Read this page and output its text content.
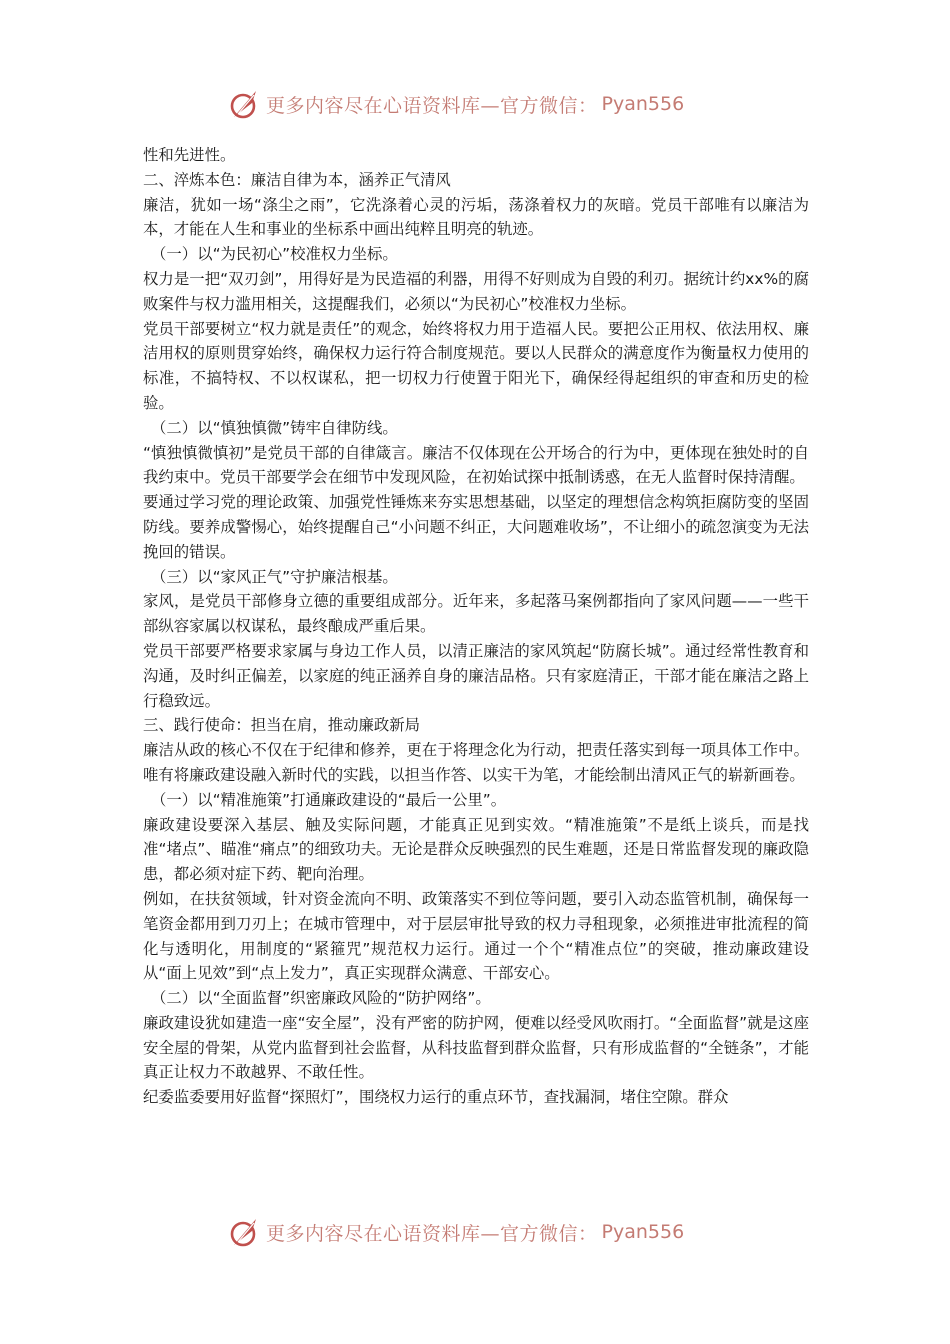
更多内容尽在心语资料库—官方微信： Pyan556

性和先进性。

二、淬炼本色：廉洁自律为本，涵养正气清风

廉洁，犹如一场“涤尘之雨”，它洗涤着心灵的污垢，荡涤着权力的灰暗。党员干部唯有以廉洁为本，才能在人生和事业的坐标系中画出纯粹且明亮的轨迹。

（一）以“为民初心”校准权力坐标。

权力是一把“双刃剑”，用得好是为民造福的利器，用得不好则成为自毁的利刃。据统计约xx%的腐败案件与权力滥用相关，这提醒我们，必须以“为民初心”校准权力坐标。

党员干部要树立“权力就是责任”的观念，始终将权力用于造福人民。要把公正用权、依法用权、廉洁用权的原则贯穿始终，确保权力运行符合制度规范。要以人民群众的满意度作为衡量权力使用的标准，不搞特权、不以权谋私，把一切权力行使置于阳光下，确保经得起组织的审查和历史的检验。

（二）以“慎独慎微”铸牢自律防线。

“慎独慎微慎初”是党员干部的自律箴言。廉洁不仅体现在公开场合的行为中，更体现在独处时的自我约束中。党员干部要学会在细节中发现风险，在初始试探中抵制诱惑，在无人监督时保持清醒。

要通过学习党的理论政策、加强党性锤炼来夯实思想基础，以坚定的理想信念构筑拒腐防变的坚固防线。要养成警惕心，始终提醒自己“小问题不纠正，大问题难收场”，不让细小的疏忽演变为无法挽回的错误。

（三）以“家风正气”守护廉洁根基。

家风，是党员干部修身立德的重要组成部分。近年来，多起落马案例都指向了家风问题——一些干部纵容家属以权谋私，最终酿成严重后果。

党员干部要严格要求家属与身边工作人员，以清正廉洁的家风筑起“防腐长城”。通过经常性教育和沟通，及时纠正偏差，以家庭的纯正涵养自身的廉洁品格。只有家庭清正，干部才能在廉洁之路上行稳致远。

三、践行使命：担当在肩，推动廉政新局

廉洁从政的核心不仅在于纪律和修养，更在于将理念化为行动，把责任落实到每一项具体工作中。唯有将廉政建设融入新时代的实践，以担当作答、以实干为笔，才能绘制出清风正气的崭新画卷。

（一）以“精准施策”打通廉政建设的“最后一公里”。

廉政建设要深入基层、触及实际问题，才能真正见到实效。“精准施策”不是纸上谈兵，而是找准“堵点”、瞄准“痛点”的细致功夫。无论是群众反映强烈的民生难题，还是日常监督发现的廉政隐患，都必须对症下药、靶向治理。

例如，在扶贫领域，针对资金流向不明、政策落实不到位等问题，要引入动态监管机制，确保每一笔资金都用到刀刃上；在城市管理中，对于层层审批导致的权力寻租现象，必须推进审批流程的简化与透明化，用制度的“紧箍咒”规范权力运行。通过一个个“精准点位”的突破，推动廉政建设从“面上见效”到“点上发力”，真正实现群众满意、干部安心。

（二）以“全面监督”织密廉政风险的“防护网络”。

廉政建设犹如建造一座“安全屋”，没有严密的防护网，便难以经受风吹雨打。“全面监督”就是这座安全屋的骨架，从党内监督到社会监督，从科技监督到群众监督，只有形成监督的“全链条”，才能真正让权力不敢越界、不敢任性。

纪委监委要用好监督“探照灯”，围绕权力运行的重点环节，查找漏洞，堵住空隙。群众

更多内容尽在心语资料库—官方微信： Pyan556
